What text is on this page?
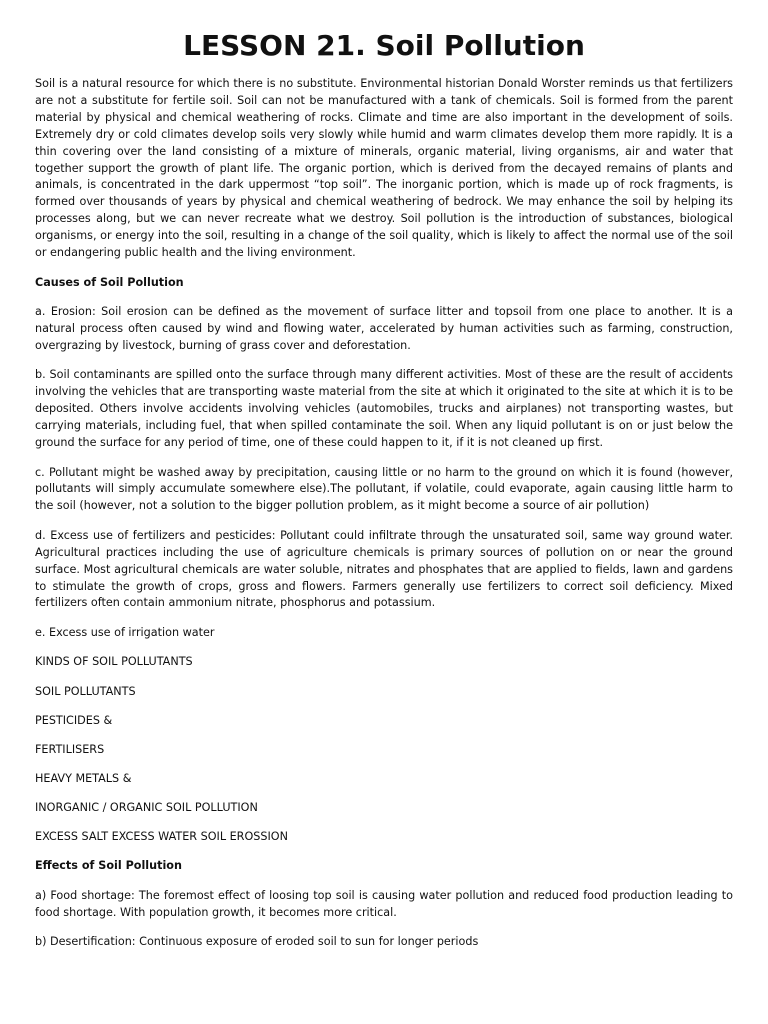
LESSON 21. Soil Pollution

Soil is a natural resource for which there is no substitute. Environmental historian Donald Worster reminds us that fertilizers are not a substitute for fertile soil. Soil can not be manufactured with a tank of chemicals. Soil is formed from the parent material by physical and chemical weathering of rocks. Climate and time are also important in the development of soils. Extremely dry or cold climates develop soils very slowly while humid and warm climates develop them more rapidly. It is a thin covering over the land consisting of a mixture of minerals, organic material, living organisms, air and water that together support the growth of plant life. The organic portion, which is derived from the decayed remains of plants and animals, is concentrated in the dark uppermost “top soil”. The inorganic portion, which is made up of rock fragments, is formed over thousands of years by physical and chemical weathering of bedrock. We may enhance the soil by helping its processes along, but we can never recreate what we destroy. Soil pollution is the introduction of substances, biological organisms, or energy into the soil, resulting in a change of the soil quality, which is likely to affect the normal use of the soil or endangering public health and the living environment.

Causes of Soil Pollution

a. Erosion: Soil erosion can be defined as the movement of surface litter and topsoil from one place to another. It is a natural process often caused by wind and flowing water, accelerated by human activities such as farming, construction, overgrazing by livestock, burning of grass cover and deforestation.

b. Soil contaminants are spilled onto the surface through many different activities. Most of these are the result of accidents involving the vehicles that are transporting waste material from the site at which it originated to the site at which it is to be deposited. Others involve accidents involving vehicles (automobiles, trucks and airplanes) not transporting wastes, but carrying materials, including fuel, that when spilled contaminate the soil. When any liquid pollutant is on or just below the ground the surface for any period of time, one of these could happen to it, if it is not cleaned up first.

c. Pollutant might be washed away by precipitation, causing little or no harm to the ground on which it is found (however, pollutants will simply accumulate somewhere else).The pollutant, if volatile, could evaporate, again causing little harm to the soil (however, not a solution to the bigger pollution problem, as it might become a source of air pollution)

d. Excess use of fertilizers and pesticides: Pollutant could infiltrate through the unsaturated soil, same way ground water. Agricultural practices including the use of agriculture chemicals is primary sources of pollution on or near the ground surface. Most agricultural chemicals are water soluble, nitrates and phosphates that are applied to fields, lawn and gardens to stimulate the growth of crops, gross and flowers. Farmers generally use fertilizers to correct soil deficiency. Mixed fertilizers often contain ammonium nitrate, phosphorus and potassium.

e. Excess use of irrigation water

KINDS OF SOIL POLLUTANTS

SOIL POLLUTANTS

PESTICIDES &

FERTILISERS

HEAVY METALS &

INORGANIC / ORGANIC SOIL POLLUTION

EXCESS SALT EXCESS WATER SOIL EROSSION

Effects of Soil Pollution

a) Food shortage: The foremost effect of loosing top soil is causing water pollution and reduced food production leading to food shortage. With population growth, it becomes more critical.

b) Desertification: Continuous exposure of eroded soil to sun for longer periods
